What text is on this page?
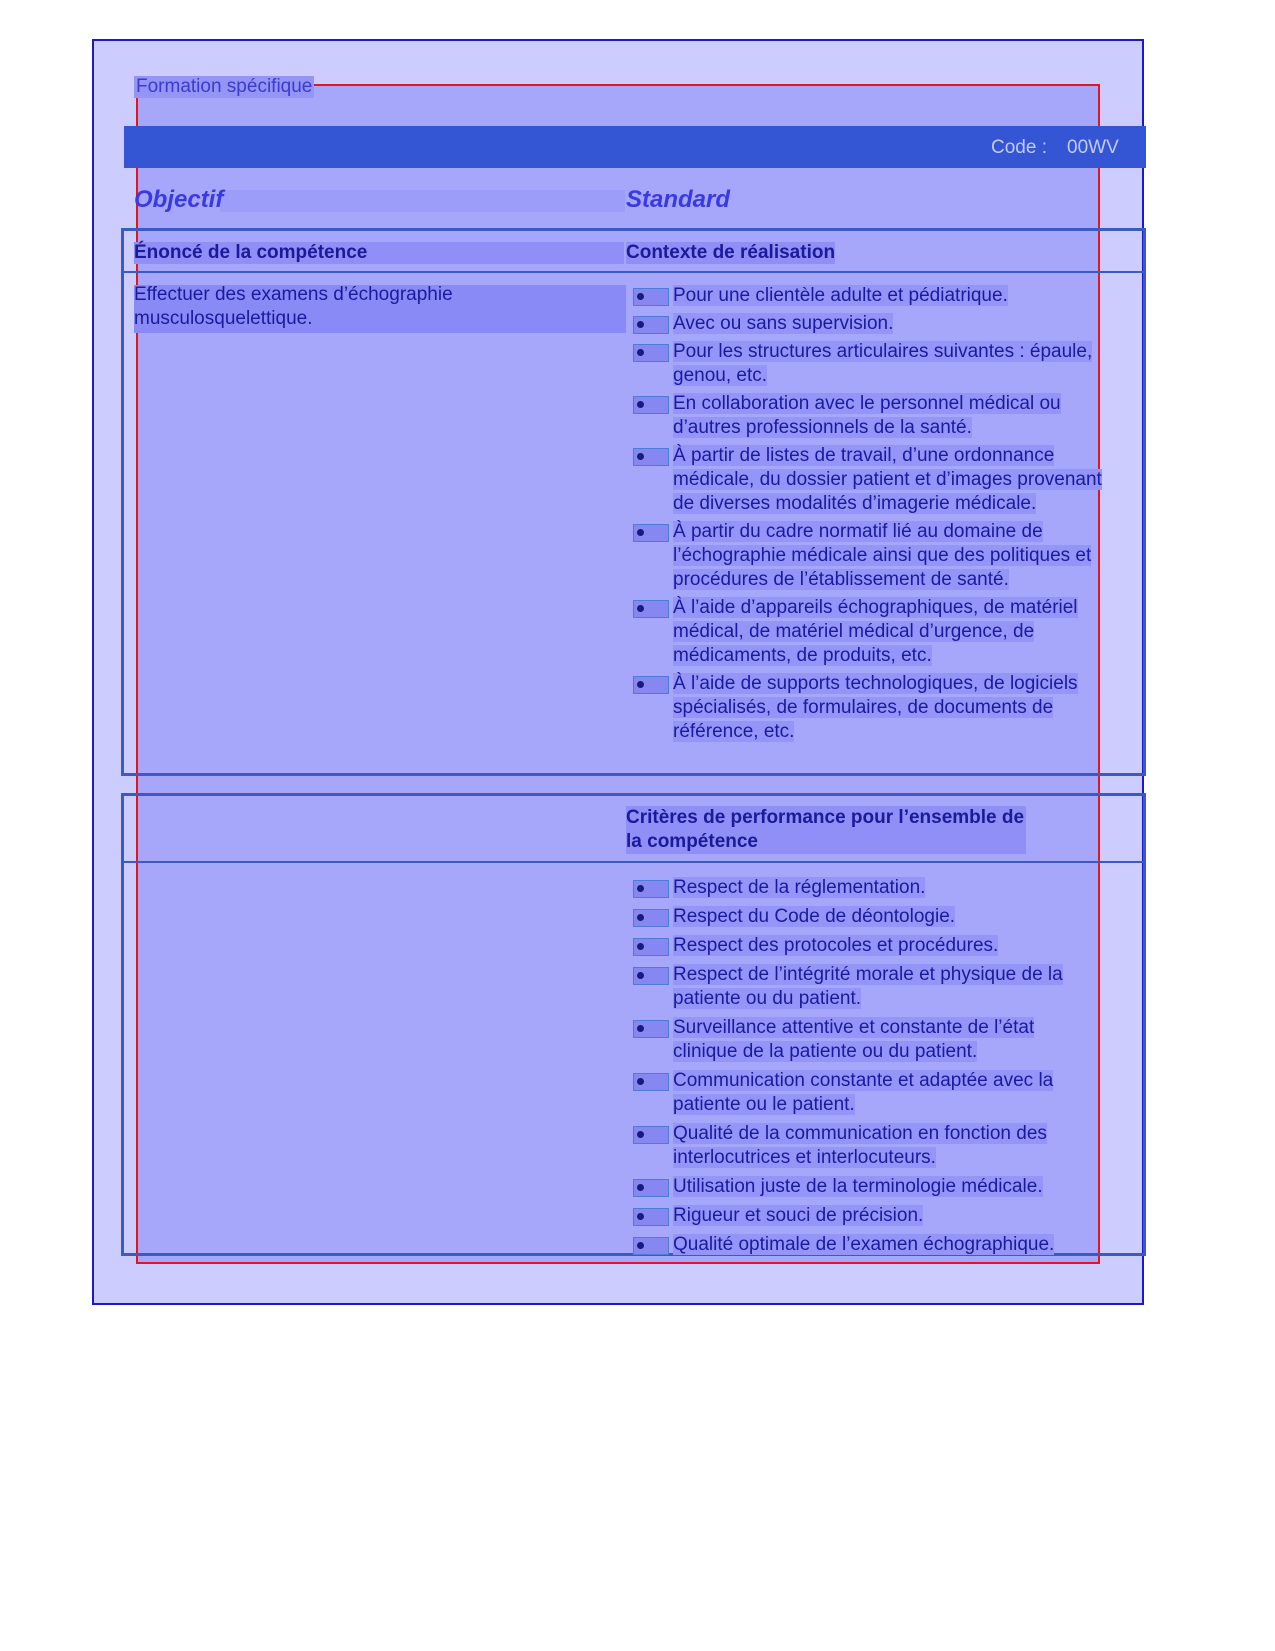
Formation spécifique
Code : 00WV
Objectif	Standard
Énoncé de la compétence	Contexte de réalisation
Effectuer des examens d’échographie musculosquelettique.
Pour une clientèle adulte et pédiatrique.
Avec ou sans supervision.
Pour les structures articulaires suivantes : épaule, genou, etc.
En collaboration avec le personnel médical ou d’autres professionnels de la santé.
À partir de listes de travail, d’une ordonnance médicale, du dossier patient et d’images provenant de diverses modalités d’imagerie médicale.
À partir du cadre normatif lié au domaine de l’échographie médicale ainsi que des politiques et procédures de l’établissement de santé.
À l’aide d’appareils échographiques, de matériel médical, de matériel médical d’urgence, de médicaments, de produits, etc.
À l’aide de supports technologiques, de logiciels spécialisés, de formulaires, de documents de référence, etc.
Critères de performance pour l’ensemble de la compétence
Respect de la réglementation.
Respect du Code de déontologie.
Respect des protocoles et procédures.
Respect de l’intégrité morale et physique de la patiente ou du patient.
Surveillance attentive et constante de l’état clinique de la patiente ou du patient.
Communication constante et adaptée avec la patiente ou le patient.
Qualité de la communication en fonction des interlocutrices et interlocuteurs.
Utilisation juste de la terminologie médicale.
Rigueur et souci de précision.
Qualité optimale de l’examen échographique.
